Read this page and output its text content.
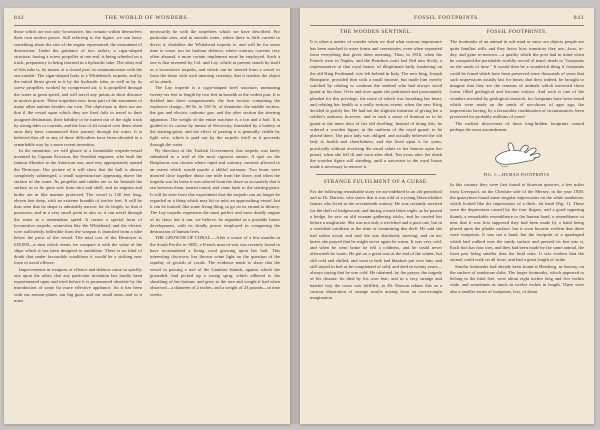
842	THE WORLD OF WONDERS.

those which are not only locomotive, but contain within themselves their own motive power. Still referring to the figure, we can fancy something about the size of the engine represented, the instrument of destruction. Under the guidance of two sailors, a cigar-shaped structure, having a screw propeller at one end, is being wheeled on a truck, preparatory to being inserted in a hydraulic tube. The other end of this tube is, by means of a closed port, in communication with the sea outside. The cigar-shaped body is a Whitehead's torpedo, and by the initial thrust given to it by the hydraulic tube, as well as by its screw propeller, worked by compressed air, it is propelled through the water at great speed, and will travel any points at short distance in motive power. These torpedoes now form part of the armament of many other nations besides our own. The objections to their use are that if the vessel upon which they are fired fails to travel to their assigned destination, their liability to be turned out of the right track by strong tides or currents, and the loss of all control over them when once they have commenced their journey through the water. It is believed that all or any of these difficulties have been obviated in a remarkable way by a more recent invention.

In the meantime, we will glance at a formidable torpedo-vessel invented by Captain Ericsson, the Swedish engineer, who built the famous Monitor in the American war, and very appropriately named the Destroyer. Our picture of it will show that the hull is almost completely submerged, a small superstructure appearing above the surface of the water. Its propeller and rudder are so far beneath the surface as to be quite safe from shot and shell, and its engines and boiler are in like manner protected. The vessel is 130 feet long, eleven feet deep, with an extreme breadth of twelve feet. It will be thus seen that its shape is admirably narrow for its length, so that it possesses, and in a very small point to aim at, it can travel through the water at a tremendous speed. It carries a special form of locomotive torpedo, somewhat like the Whitehead; and the electric wire sufficiently inflexible from the weapon is launched from a tube below the prow of the vessel. The total cost of the Destroyer is £30,000—a sum which seems we compare it with the value of the ships which it has been designed to annihilate. There is no kind of doubt that under favourable conditions it would be a striking new form of naval offence.

Improvements in weapons of offence and defence come so quickly one upon the other, that any particular invention has hardly been experimented upon and tried before it is pronounced obsolete by the introduction of some far more effective appliance. So it has been with our armour-plates, our big guns, and our small arms, and so it must

necessarily be with the torpedoes which we have described. For particular uses, and in smooth water, where there is little current to divert it, doubtless the Whitehead torpedo is, and will be for some time to come, too for harbour defence, where contrary currents very often abound, a more certain implement must be employed. Such a one is that invented by Col. and Lay, which at present stands by itself as a locomotive torpedo, and which can be steered from a vessel or from the shore with such unerring certainty, that it reaches the object of its attack.

The Lay torpedo is a cigar-shaped steel structure, measuring twenty-six feet in length by two feet in breadth at the widest part. It is divided into three compartments: the fore section containing the explosive charge—90 lb. to 150 lb. of dynamite; the middle section, the gas and electric carbonic gas; and the after section the steering apparatus. The weight of the entire machine is a ton and a half. It is guided to its course by means of electricity, furnished by a battery at the starting-point, and the effect of passing it is generally visible by light wire, which is paid out by the torpedo itself as it proceeds through the water.

By direction of the Turkish Government, this torpedo was lately submitted to a trial of the most rigorous nature. A spot on the Bosphorus was chosen where rapid and contrary currents allowed to an extent which would puzzle a skilful oarsman. Two boats were moored close together about one mile from the shore, and when the torpedo was let loose it was steered from the shore so accurately that it ran between them, turned round, and came back to the starting-point. It will be seen from this experiment that the torpedo can no longer be regarded as a thing which may hit or miss an approaching vessel, but it can be trained, like some living thing, to go on its errand to destroy. The Lay torpedo represents the most perfect and most deadly engine of its class; but it can, we believe, be regarded as a possible future development, with its deadly power employed in conquering the destruction of human lives.

THE GROWTH OF CORAL.—After a cruise of a few months in the South Pacific in 1881, a French man-of-war was recently found to have accumulated a living coral growing upon her hull. This interesting discovery has thrown some light on the question of the rapidity of growth of corals. The evidence tends to show that the vessel in passing a reef of the Gambier Islands, against which she grounded, had picked up a young sprig, which adhered to the sheathing of her bottom, and grew to the size and weight it had when observed—a diameter of 2 inches, and a weight of 23 pounds—in nine weeks.

FOSSIL FOOTPRINTS.	843
THE WOODEN SENTINEL.

It is often a matter of wonder when we find what curious importance has been attached to mere forms and ceremonies, even when separated from everything that gives them meaning. Thus, in 1816, when the French were in Naples, and the Bourbon court had fled into Sicily, a representative of that royal house, of illegitimate birth, hankering on the old King Ferdinand, was left behind in Italy. The new king, Joseph Bonaparte, provided him with a small income, but made him merely watched by relating to continue the sentinel who had always stood guard at his door. Over and over again she petitioned and passionately pleaded for this privilege, the more of which was forsaking her heart, and relating her health to a really serious extent; when the new King decided to gratify her. He had not the slightest intention of giving her a soldier's uniform, however, and in such a sense of humour as to be guard at the inner door of her old dwelling. Instead of doing this, he ordered a wooden figure, in the uniform of the royal guard, to be placed there. The poor lady was obliged, and actually believed the old lady to health and cheerfulness; and she lived upon it for years, practically without receiving the usual salute to her honour upon her proud, when she fell ill and soon after died. Ten years after her death the wooden figure still standing, until a successor to the royal house made it necessary to remove it.

STRANGE FULFILMENT OF A CURSE.

For the following remarkable story we are indebted to an old periodical and to Dr. Darwin, who states that it was told of a young Warwickshire farmer who lived in the seventeenth century. He was certainly arrested for the theft of hedgewood; and during a most bitter night, as he passed a hedge, he saw an old woman gathering sticks, and he carried her before a magistrate. She was not only a wretched and a poor one, but in a wretched condition at the time of committing this theft. He said she had stolen wood, and said she was absolutely starving; and on her knees she prayed that he might never again be warm. It was very cold, and when he went home he felt a coldness, and he could never afterwards be warm. He put on a great coat at the end of the winter, but still cold and chilled, and went to bed; had blankets put over him; and still stayed in bed as he complained of cold, and died in twenty years—always saying that he was cold. He obtained, by the prayer, the tragedy of his disease: he died by his own fear; and in a very strange and hateful way the curse was fulfilled, as Dr. Darwin relates this as a curious illustration of strange results arising from an overwrought imagination.

FOSSIL FOOTPRINTS.

The footmarks of an animal in soft mud or snow are objects people are quite familiar with, and they know how transitory they are—how, to-day, and gone to-morrow—a quality which the poet had in mind when he compared the perishable worldly record of man's deeds to "footprints on the sands of time." It would then be a wonderful thing if footprints could be found which have been preserved since thousands of years that such impressions usually last for hours; that they, indeed, be brought to imagine that they are the remains of animals which traversed those forms filled geological and become extinct. And such is one of the wonders revealed by geological research, for footprints have been found which were made on the sands of sea-shores of ages ago, the impressions having, by a favourable combination of circumstances, been preserved for probably millions of years!

The earliest discoveries of these long-hidden footprints caused perhaps the most astonishment.

FIG. 1.—HUMAN FOOTPRINTS.

In this country they were first found at Storeton quarries, a few miles from Liverpool, on the Cheshire side of the Mersey, in the year 1838; the quarrymen found some singular impressions on the white sandstone, which looked like the impressions of a thick, fat hand (Fig. 1). These were the depressions caused by the four fingers, and a good opposing thumb, a remarkable resemblance to the human hand, a resemblance so near that it was first supposed they had been made by a hand being placed upon the pliable surface, but it soon became evident that these were footprints. It was not a hand, but the footprint of a quadruped which had walked over the sandy surface and pressed its feet into it. Each foot has four toes, and they had been made by the same animal, the front pair being smaller than the hind ones. It was evident that the animal could walk on all fours, and had a great length of stride.

Similar footmarks had already been found at Hessberg, in Saxony, on the surface of sandstone slabs. The larger footmarks, which appeared to belong to the hind feet, were about eight inches long and five inches wide, and sometimes as much as twelve inches in length. There were also a smaller series of footprints, less, of about
